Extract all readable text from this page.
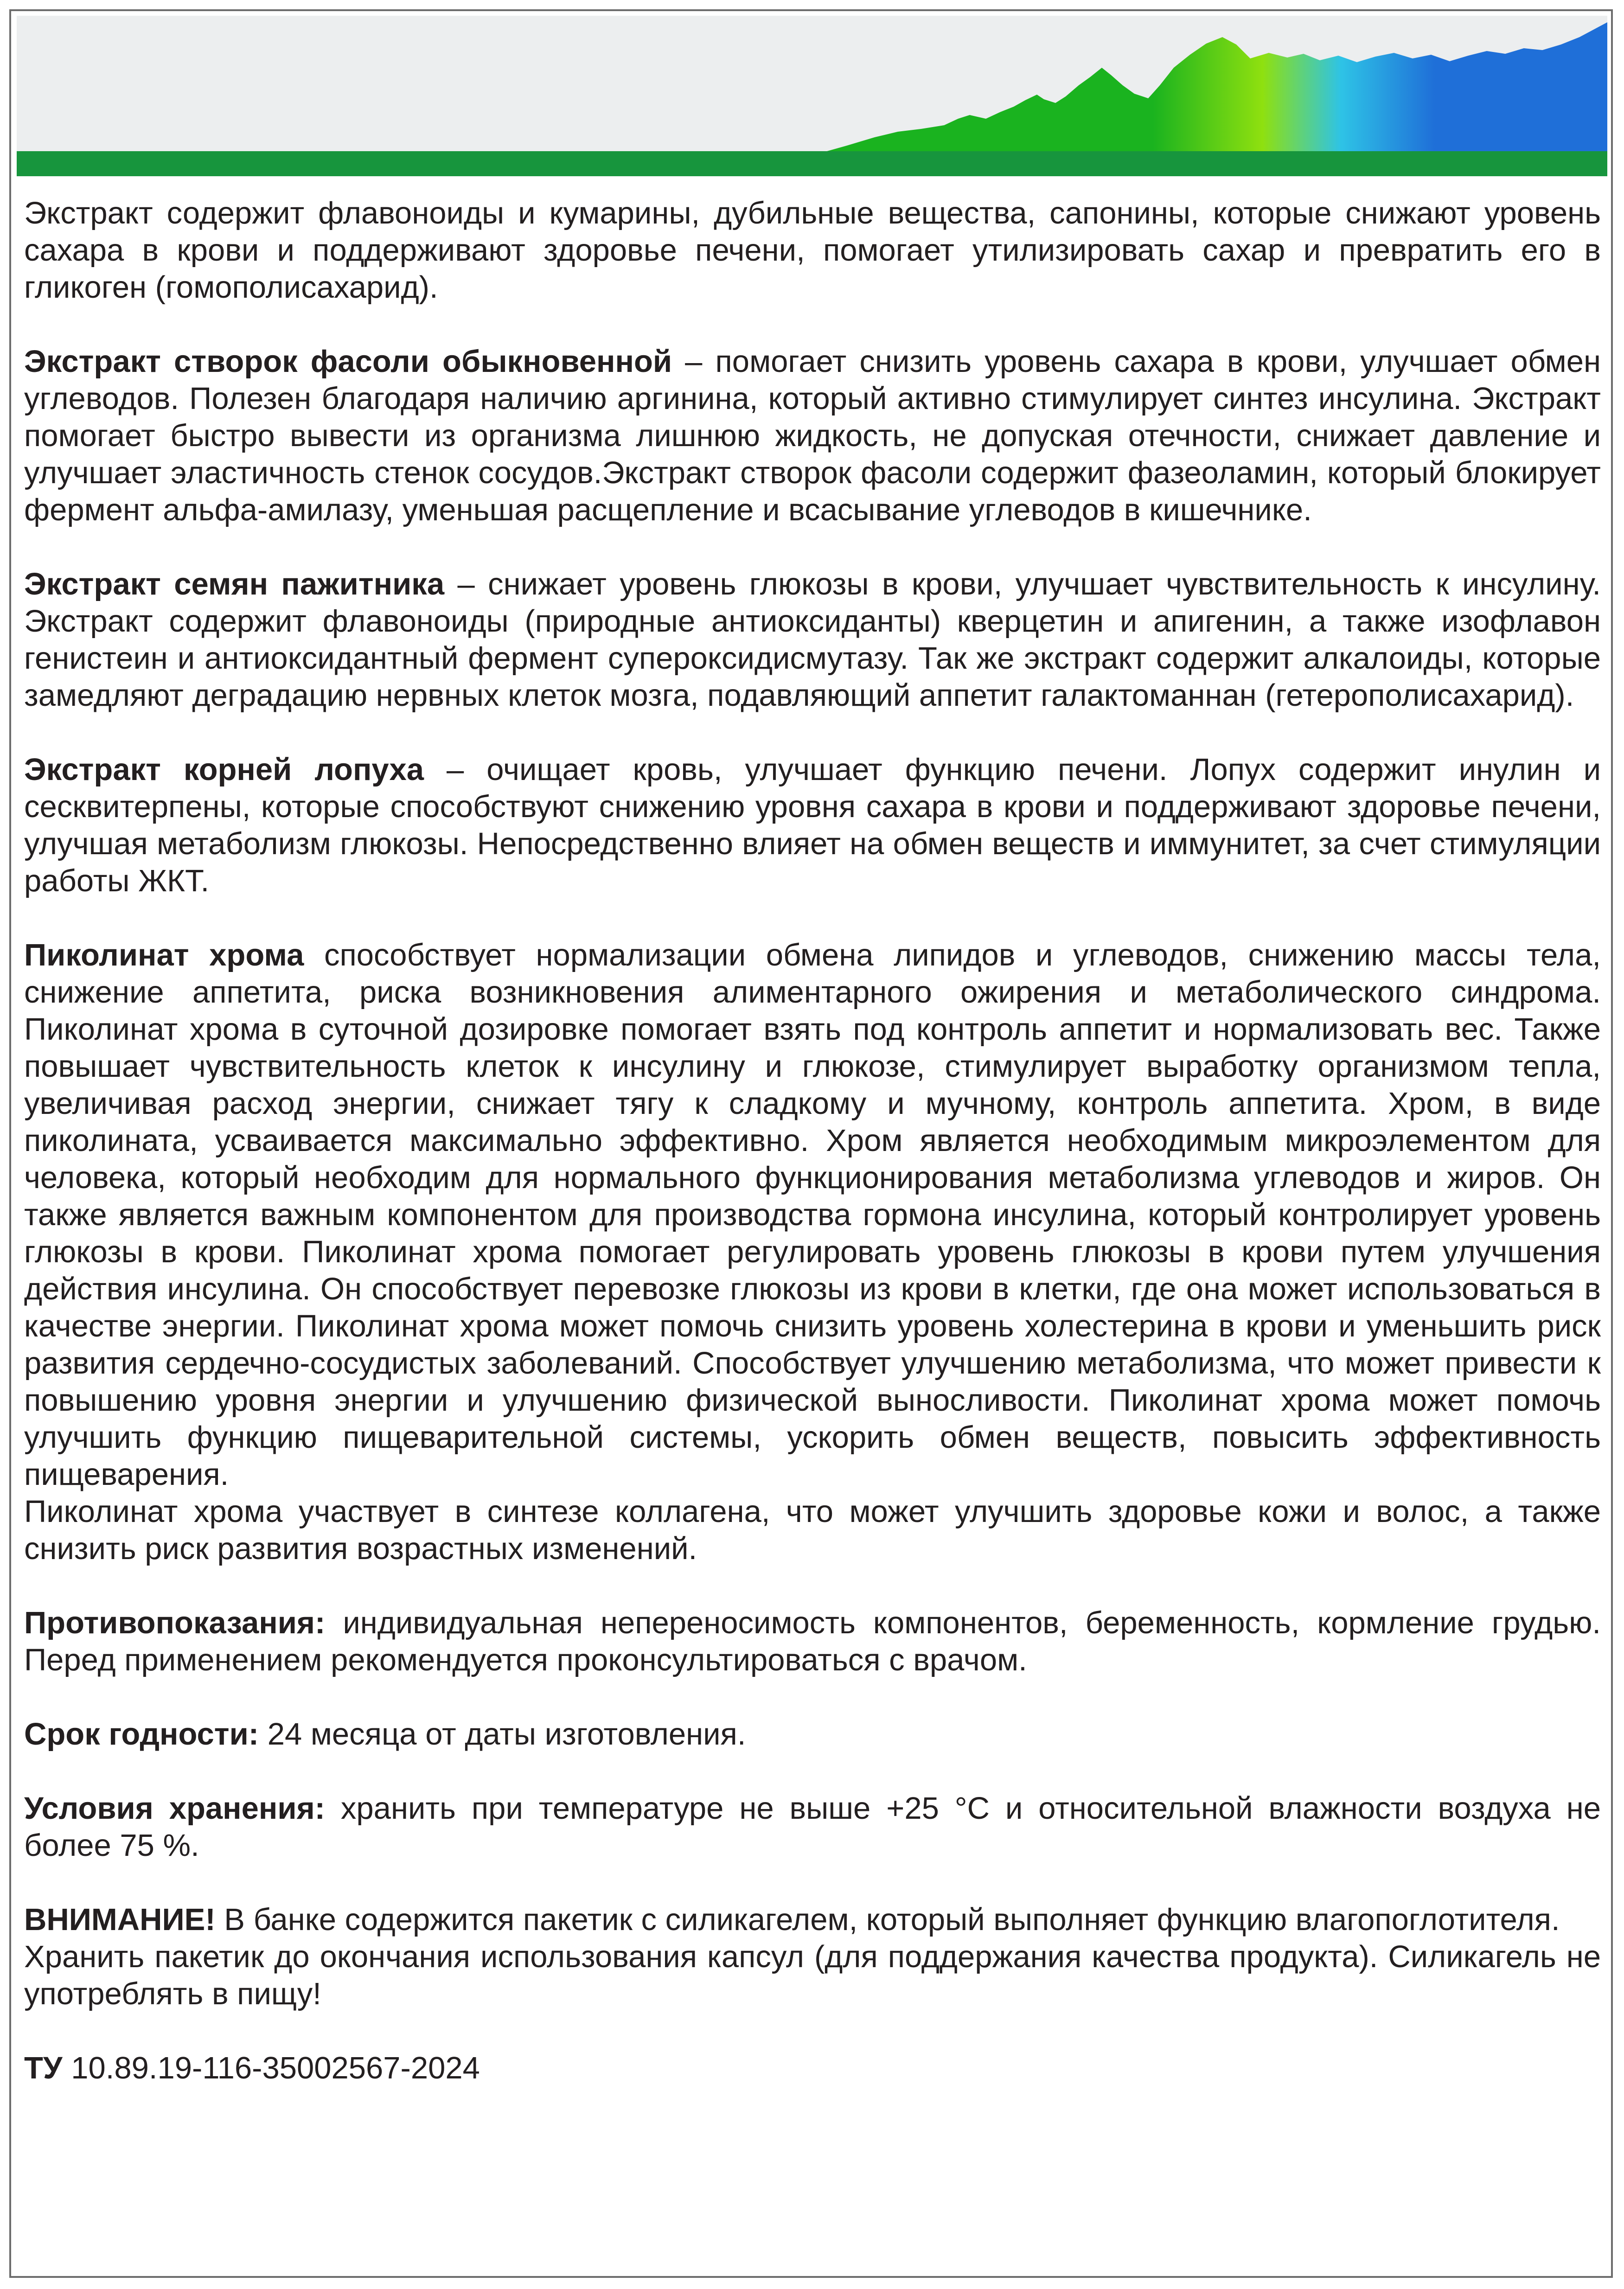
Экстракт содержит флавоноиды и кумарины, дубильные вещества, сапонины, которые снижают уровень сахара в крови и поддерживают здоровье печени, помогает утилизировать сахар и превратить его в гликоген (гомополисахарид).

Экстракт створок фасоли обыкновенной – помогает снизить уровень сахара в крови, улучшает обмен углеводов. Полезен благодаря наличию аргинина, который активно стимулирует синтез инсулина. Экстракт помогает быстро вывести из организма лишнюю жидкость, не допуская отечности, снижает давление и улучшает эластичность стенок сосудов.Экстракт створок фасоли содержит фазеоламин, который блокирует фермент альфа-амилазу, уменьшая расщепление и всасывание углеводов в кишечнике.

Экстракт семян пажитника – снижает уровень глюкозы в крови, улучшает чувствительность к инсулину. Экстракт содержит флавоноиды (природные антиоксиданты) кверцетин и апигенин, а также изофлавон генистеин и антиоксидантный фермент супероксидисмутазу. Так же экстракт содержит алкалоиды, которые замедляют деградацию нервных клеток мозга, подавляющий аппетит галактоманнан (гетерополисахарид).

Экстракт корней лопуха – очищает кровь, улучшает функцию печени. Лопух содержит инулин и сесквитерпены, которые способствуют снижению уровня сахара в крови и поддерживают здоровье печени, улучшая метаболизм глюкозы. Непосредственно влияет на обмен веществ и иммунитет, за счет стимуляции работы ЖКТ.

Пиколинат хрома способствует нормализации обмена липидов и углеводов, снижению массы тела, снижение аппетита, риска возникновения алиментарного ожирения и метаболического синдрома. Пиколинат хрома в суточной дозировке помогает взять под контроль аппетит и нормализовать вес. Также повышает чувствительность клеток к инсулину и глюкозе, стимулирует выработку организмом тепла, увеличивая расход энергии, снижает тягу к сладкому и мучному, контроль аппетита. Хром, в виде пиколината, усваивается максимально эффективно. Хром является необходимым микроэлементом для человека, который необходим для нормального функционирования метаболизма углеводов и жиров. Он также является важным компонентом для производства гормона инсулина, который контролирует уровень глюкозы в крови. Пиколинат хрома помогает регулировать уровень глюкозы в крови путем улучшения действия инсулина. Он способствует перевозке глюкозы из крови в клетки, где она может использоваться в качестве энергии. Пиколинат хрома может помочь снизить уровень холестерина в крови и уменьшить риск развития сердечно-сосудистых заболеваний. Способствует улучшению метаболизма, что может привести к повышению уровня энергии и улучшению физической выносливости. Пиколинат хрома может помочь улучшить функцию пищеварительной системы, ускорить обмен веществ, повысить эффективность пищеварения.

Пиколинат хрома участвует в синтезе коллагена, что может улучшить здоровье кожи и волос, а также снизить риск развития возрастных изменений.

Противопоказания: индивидуальная непереносимость компонентов, беременность, кормление грудью. Перед применением рекомендуется проконсультироваться с врачом.

Срок годности: 24 месяца от даты изготовления.

Условия хранения: хранить при температуре не выше +25 °С и относительной влажности воздуха не более 75 %.

ВНИМАНИЕ! В банке содержится пакетик с силикагелем, который выполняет функцию влагопоглотителя.

Хранить пакетик до окончания использования капсул (для поддержания качества продукта). Силикагель не употреблять в пищу!

ТУ 10.89.19-116-35002567-2024
